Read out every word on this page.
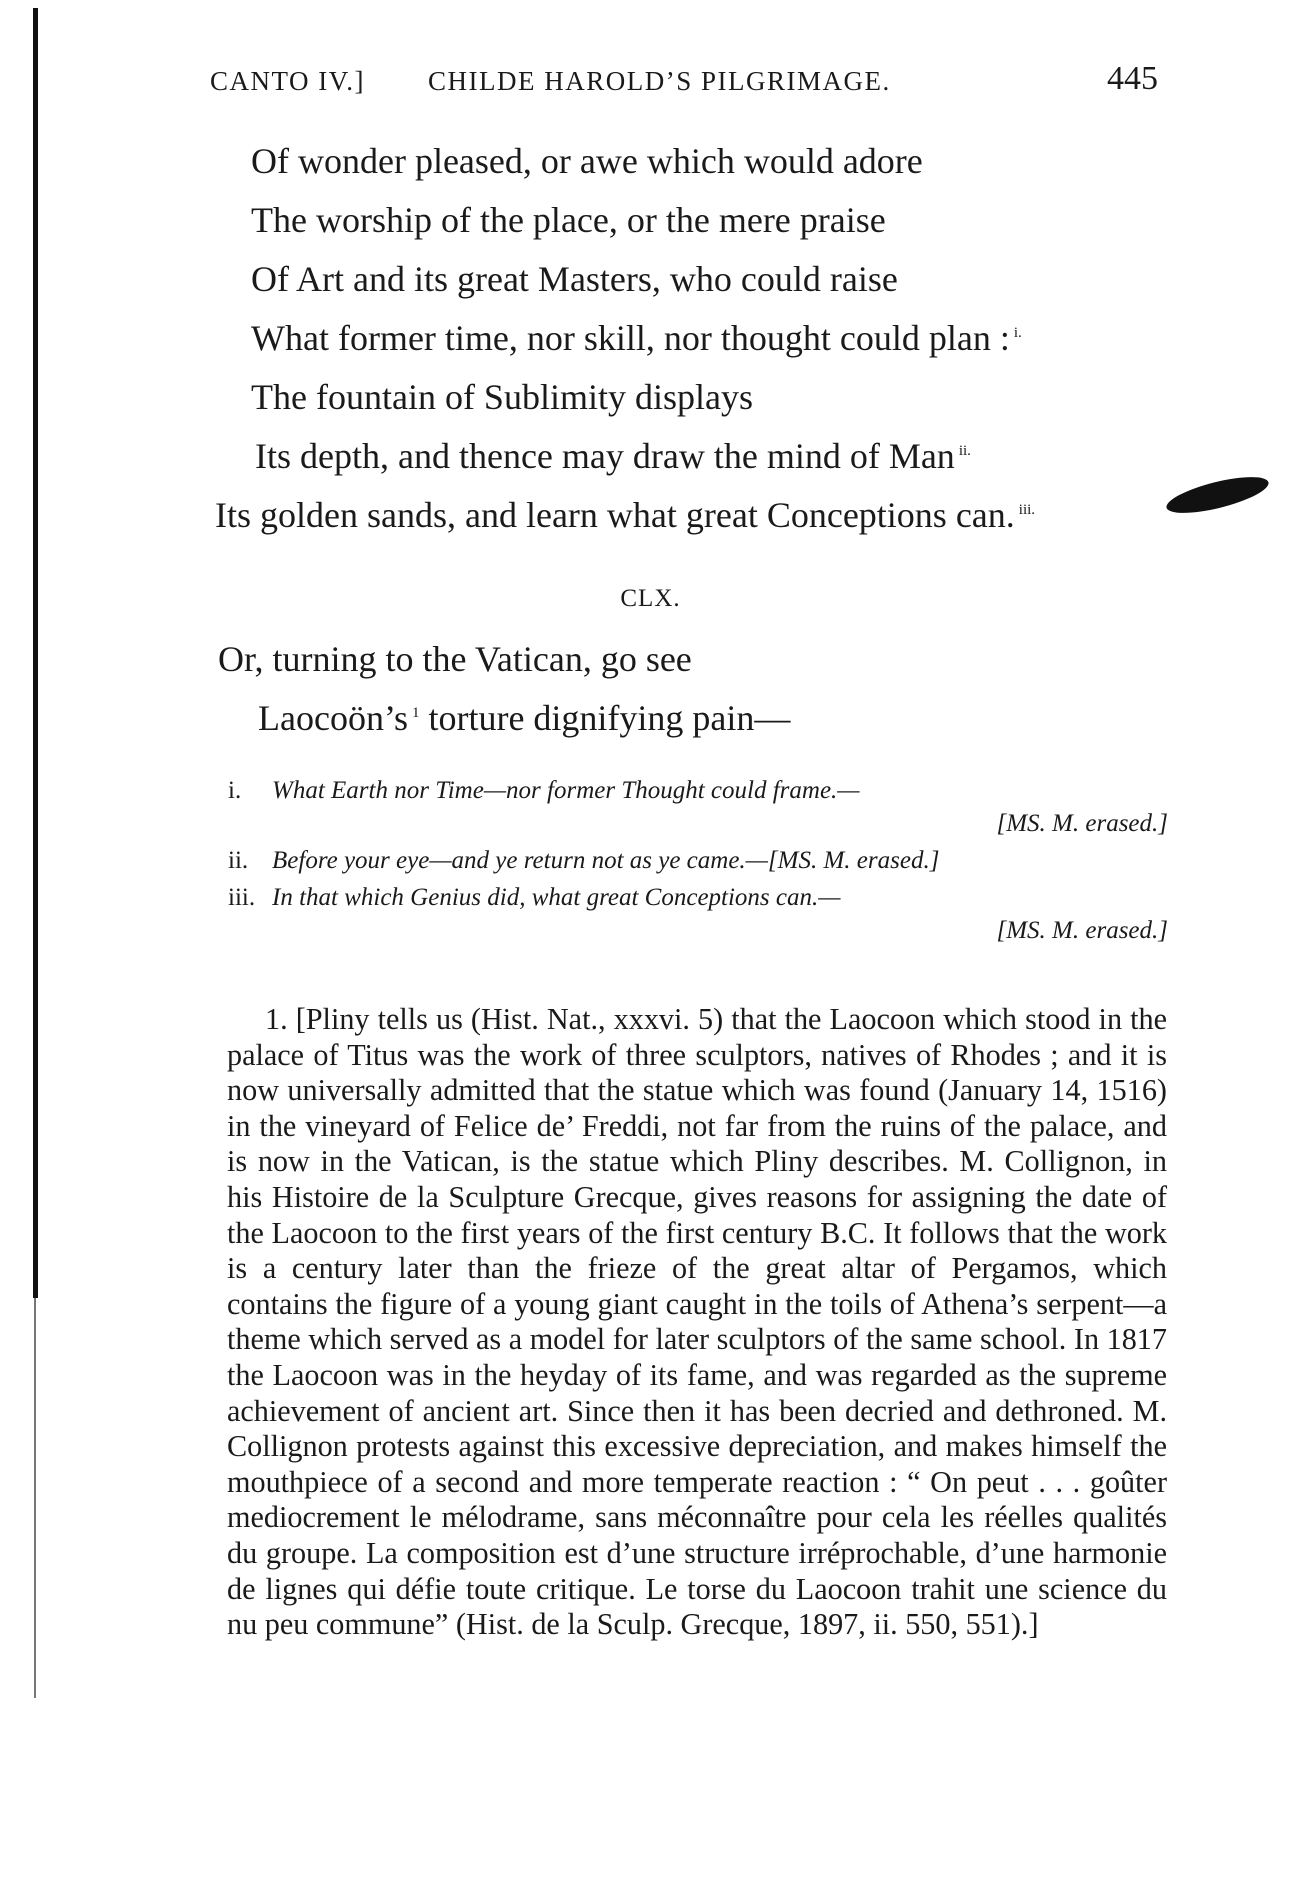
CANTO IV.] CHILDE HAROLD’S PILGRIMAGE.	445
Of wonder pleased, or awe which would adore
The worship of the place, or the mere praise
Of Art and its great Masters, who could raise
What former time, nor skill, nor thought could plan : $^{i.}$
The fountain of Sublimity displays
Its depth, and thence may draw the mind of Man $^{ii.}$
Its golden sands, and learn what great Conceptions can. $^{iii.}$
CLX.
Or, turning to the Vatican, go see
Laocoön’s $^1$ torture dignifying pain—
i. What Earth nor Time—nor former Thought could frame.—
[MS. M. erased.]
ii. Before your eye—and ye return not as ye came.—[MS. M. erased.]
iii. In that which Genius did, what great Conceptions can.—
[MS. M. erased.]

1. [Pliny tells us (Hist. Nat., xxxvi. 5) that the Laocoon which stood in the palace of Titus was the work of three sculptors, natives of Rhodes ; and it is now universally admitted that the statue which was found (January 14, 1516) in the vineyard of Felice de’ Freddi, not far from the ruins of the palace, and is now in the Vatican, is the statue which Pliny describes. M. Collignon, in his Histoire de la Sculpture Grecque, gives reasons for assigning the date of the Laocoon to the first years of the first century B.C. It follows that the work is a century later than the frieze of the great altar of Pergamos, which contains the figure of a young giant caught in the toils of Athena’s serpent—a theme which served as a model for later sculptors of the same school. In 1817 the Laocoon was in the heyday of its fame, and was regarded as the supreme achievement of ancient art. Since then it has been decried and dethroned. M. Collignon protests against this excessive depreciation, and makes himself the mouthpiece of a second and more temperate reaction : “ On peut . . . goûter mediocrement le mélodrame, sans méconnaître pour cela les réelles qualités du groupe. La composition est d’une structure irréprochable, d’une harmonie de lignes qui défie toute critique. Le torse du Laocoon trahit une science du nu peu commune” (Hist. de la Sculp. Grecque, 1897, ii. 550, 551).]
